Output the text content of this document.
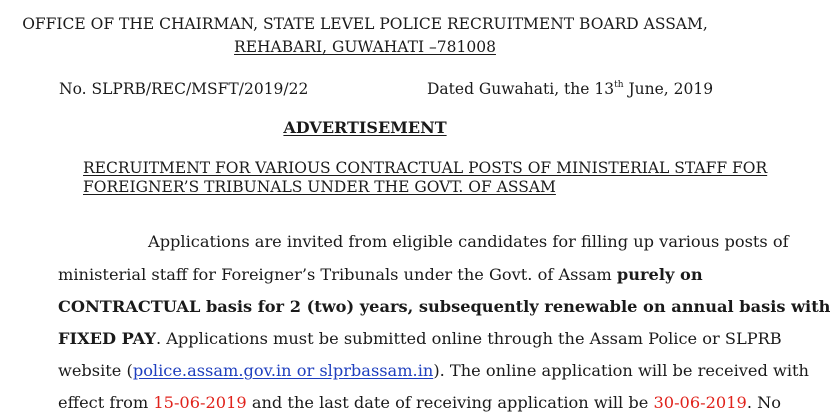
OFFICE OF THE CHAIRMAN, STATE LEVEL POLICE RECRUITMENT BOARD ASSAM,
REHABARI, GUWAHATI –781008
No. SLPRB/REC/MSFT/2019/22	Dated Guwahati, the 13th June, 2019
ADVERTISEMENT
RECRUITMENT FOR VARIOUS CONTRACTUAL POSTS OF MINISTERIAL STAFF FOR
FOREIGNER’S TRIBUNALS UNDER THE GOVT. OF ASSAM
Applications are invited from eligible candidates for filling up various posts of
ministerial staff for Foreigner’s Tribunals under the Govt. of Assam purely on
CONTRACTUAL basis for 2 (two) years, subsequently renewable on annual basis with
FIXED PAY. Applications must be submitted online through the Assam Police or SLPRB
website (police.assam.gov.in or slprbassam.in). The online application will be received with
effect from 15-06-2019 and the last date of receiving application will be 30-06-2019. No
